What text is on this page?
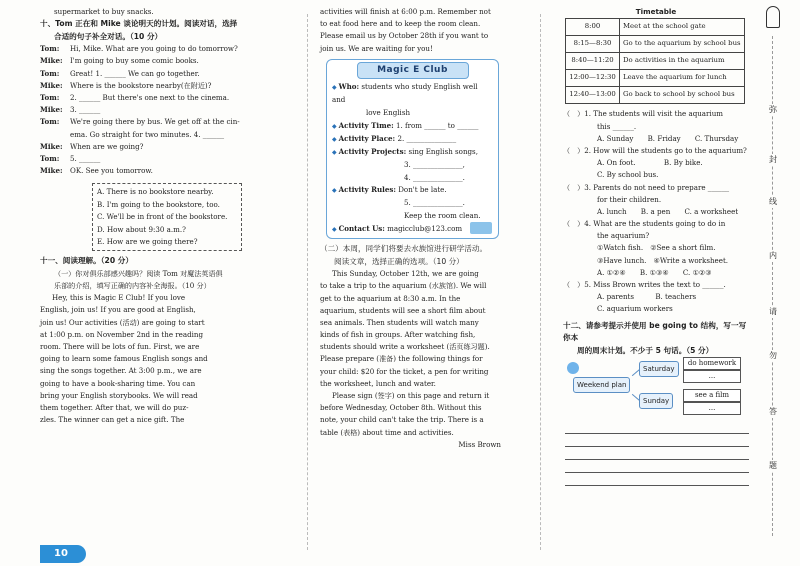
supermarket to buy snacks.
十、Tom 正在和 Mike 谈论明天的计划。阅读对话，选择
合适的句子补全对话。（10 分）
Tom: Hi, Mike. What are you going to do tomorrow?
Mike: I'm going to buy some comic books.
Tom: Great! 1. ______ We can go together.
Mike: Where is the bookstore nearby(在附近)?
Tom: 2. ______ But there's one next to the cinema.
Mike: 3. ______
Tom: We're going there by bus. We get off at the cin-
ema. Go straight for two minutes. 4. ______
Mike: When are we going?
Tom: 5. ______
Mike: OK. See you tomorrow.
A. There is no bookstore nearby.
B. I'm going to the bookstore, too.
C. We'll be in front of the bookstore.
D. How about 9:30 a.m.?
E. How are we going there?
十一、阅读理解。（20 分）
（一）你对俱乐部感兴趣吗？阅读 Tom 对魔法英语俱
乐部的介绍，填写正确的内容补全海报。（10 分）
Hey, this is Magic E Club! If you love
English, join us! If you are good at English,
join us! Our activities (活动) are going to start
at 1:00 p.m. on November 2nd in the reading
room. There will be lots of fun. First, we are
going to learn some famous English songs and
sing the songs together. At 3:00 p.m., we are
going to have a book-sharing time. You can
bring your English storybooks. We will read
them together. After that, we will do puz-
zles. The winner can get a nice gift. The
activities will finish at 6:00 p.m. Remember not
to eat food here and to keep the room clean.
Please email us by October 28th if you want to
join us. We are waiting for you!
Magic E Club
◆ Who: students who study English well and
love English
◆ Activity Time: 1. from ______ to ______
◆ Activity Place: 2. ______________
◆ Activity Projects: sing English songs,
3. ______________,
4. ______________.
◆ Activity Rules: Don't be late.
5. ______________.
Keep the room clean.
◆ Contact Us: magicclub@123.com
（二）本周，同学们将要去水族馆进行研学活动。
阅读文章，选择正确的选项。（10 分）
This Sunday, October 12th, we are going
to take a trip to the aquarium (水族馆). We will
get to the aquarium at 8:30 a.m. In the
aquarium, students will see a short film about
sea animals. Then students will watch many
kinds of fish in groups. After watching fish,
students should write a worksheet (活页练习题).
Please prepare (准备) the following things for
your child: $20 for the ticket, a pen for writing
the worksheet, lunch and water.
Please sign (签字) on this page and return it
before Wednesday, October 8th. Without this
note, your child can't take the trip. There is a
table (表格) about time and activities.
Miss Brown
Timetable
8:00	Meet at the school gate
8:15—8:30	Go to the aquarium by school bus
8:40—11:20	Do activities in the aquarium
12:00—12:30	Leave the aquarium for lunch
12:40—13:00	Go back to school by school bus
（　）1. The students will visit the aquarium
this ______.
A. Sunday　　B. Friday　　C. Thursday
（　）2. How will the students go to the aquarium?
A. On foot.　　　　B. By bike.
C. By school bus.
（　）3. Parents do not need to prepare ______
for their children.
A. lunch　　B. a pen　　C. a worksheet
（　）4. What are the students going to do in
the aquarium?
①Watch fish.　②See a short film.
③Have lunch.　④Write a worksheet.
A. ①②④　　B. ①③④　　C. ①②③
（　）5. Miss Brown writes the text to ______.
A. parents　　　B. teachers
C. aquarium workers
十二、请参考提示并使用 be going to 结构，写一写你本
周的周末计划。不少于 5 句话。（5 分）
Weekend plan
Saturday
Sunday
do homework
...
see a film
...
弥
封
线
内
请
勿
答
题
10
